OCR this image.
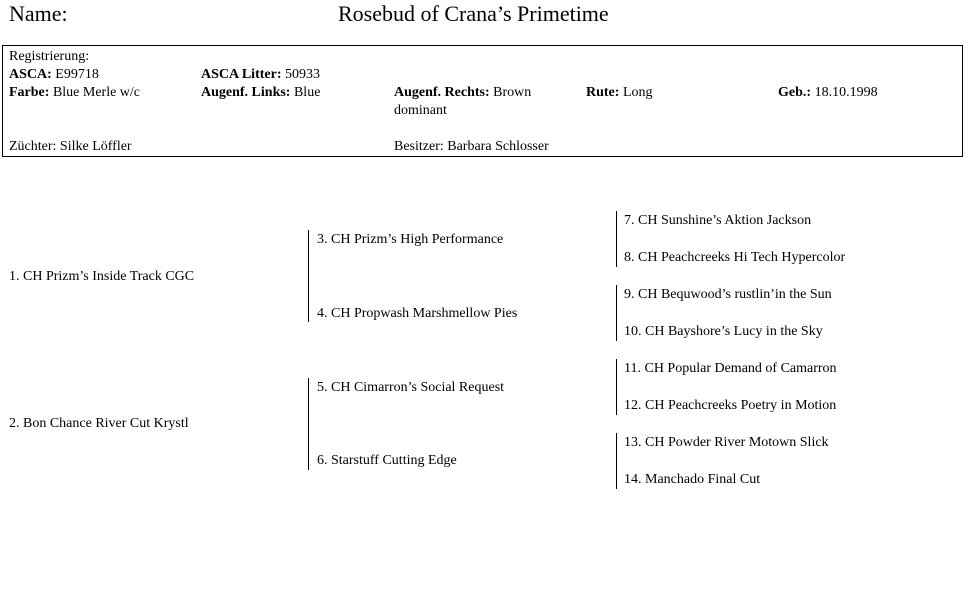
Name:	Rosebud of Crana’s Primetime
Registrierung:
ASCA: E99718	ASCA Litter: 50933
Farbe: Blue Merle w/c	Augenf. Links: Blue	Augenf. Rechts: Brown
dominant
Rute: Long	Geb.: 18.10.1998
Züchter: Silke Löffler	Besitzer: Barbara Schlosser
1. CH Prizm’s Inside Track CGC
2. Bon Chance River Cut Krystl
3. CH Prizm’s High Performance
4. CH Propwash Marshmellow Pies
5. CH Cimarron’s Social Request
6. Starstuff Cutting Edge
7. CH Sunshine’s Aktion Jackson
8. CH Peachcreeks Hi Tech Hypercolor
9. CH Bequwood’s rustlin’in the Sun
10. CH Bayshore’s Lucy in the Sky
11. CH Popular Demand of Camarron
12. CH Peachcreeks Poetry in Motion
13. CH Powder River Motown Slick
14. Manchado Final Cut
